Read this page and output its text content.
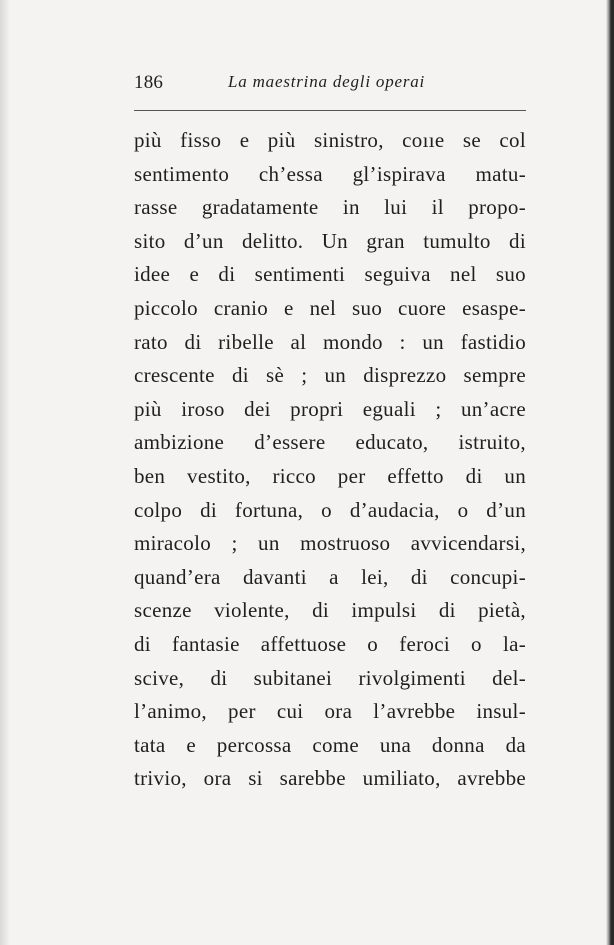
186	La maestrina degli operai
più fisso e più sinistro, coııe se col
sentimento ch’essa gl’ispirava matu-
rasse gradatamente in lui il propo-
sito d’un delitto. Un gran tumulto di
idee e di sentimenti seguiva nel suo
piccolo cranio e nel suo cuore esaspe-
rato di ribelle al mondo : un fastidio
crescente di sè ; un disprezzo sempre
più iroso dei propri eguali ; un’acre
ambizione d’essere educato, istruito,
ben vestito, ricco per effetto di un
colpo di fortuna, o d’audacia, o d’un
miracolo ; un mostruoso avvicendarsi,
quand’era davanti a lei, di concupi-
scenze violente, di impulsi di pietà,
di fantasie affettuose o feroci o la-
scive, di subitanei rivolgimenti del-
l’animo, per cui ora l’avrebbe insul-
tata e percossa come una donna da
trivio, ora si sarebbe umiliato, avrebbe
